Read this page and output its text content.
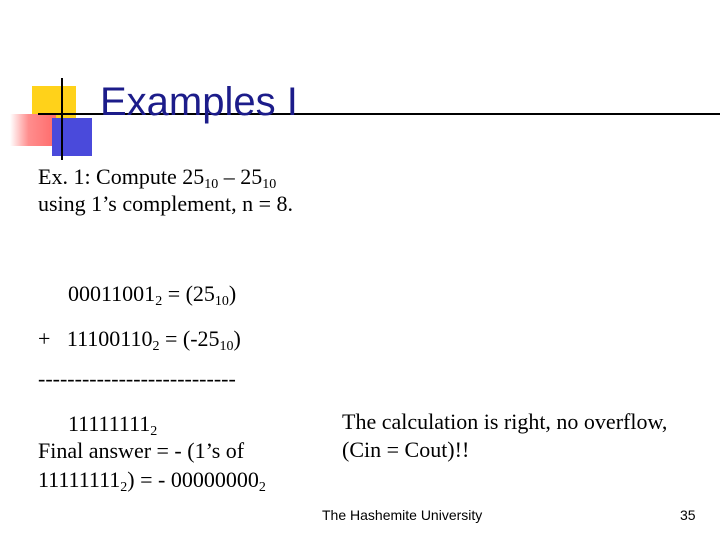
Examples I
Ex. 1: Compute $25_{10} - 25_{10}$
using 1’s complement, n = 8.
$00011001_2 = (25_{10})$
+ $11100110_2 = (-25_{10})$
---------------------------
$11111111_2$
Final answer = - (1’s of
$11111111_2$) = - $00000000_2$
The calculation is right, no overflow,
(Cin = Cout)!!
The Hashemite University	35
